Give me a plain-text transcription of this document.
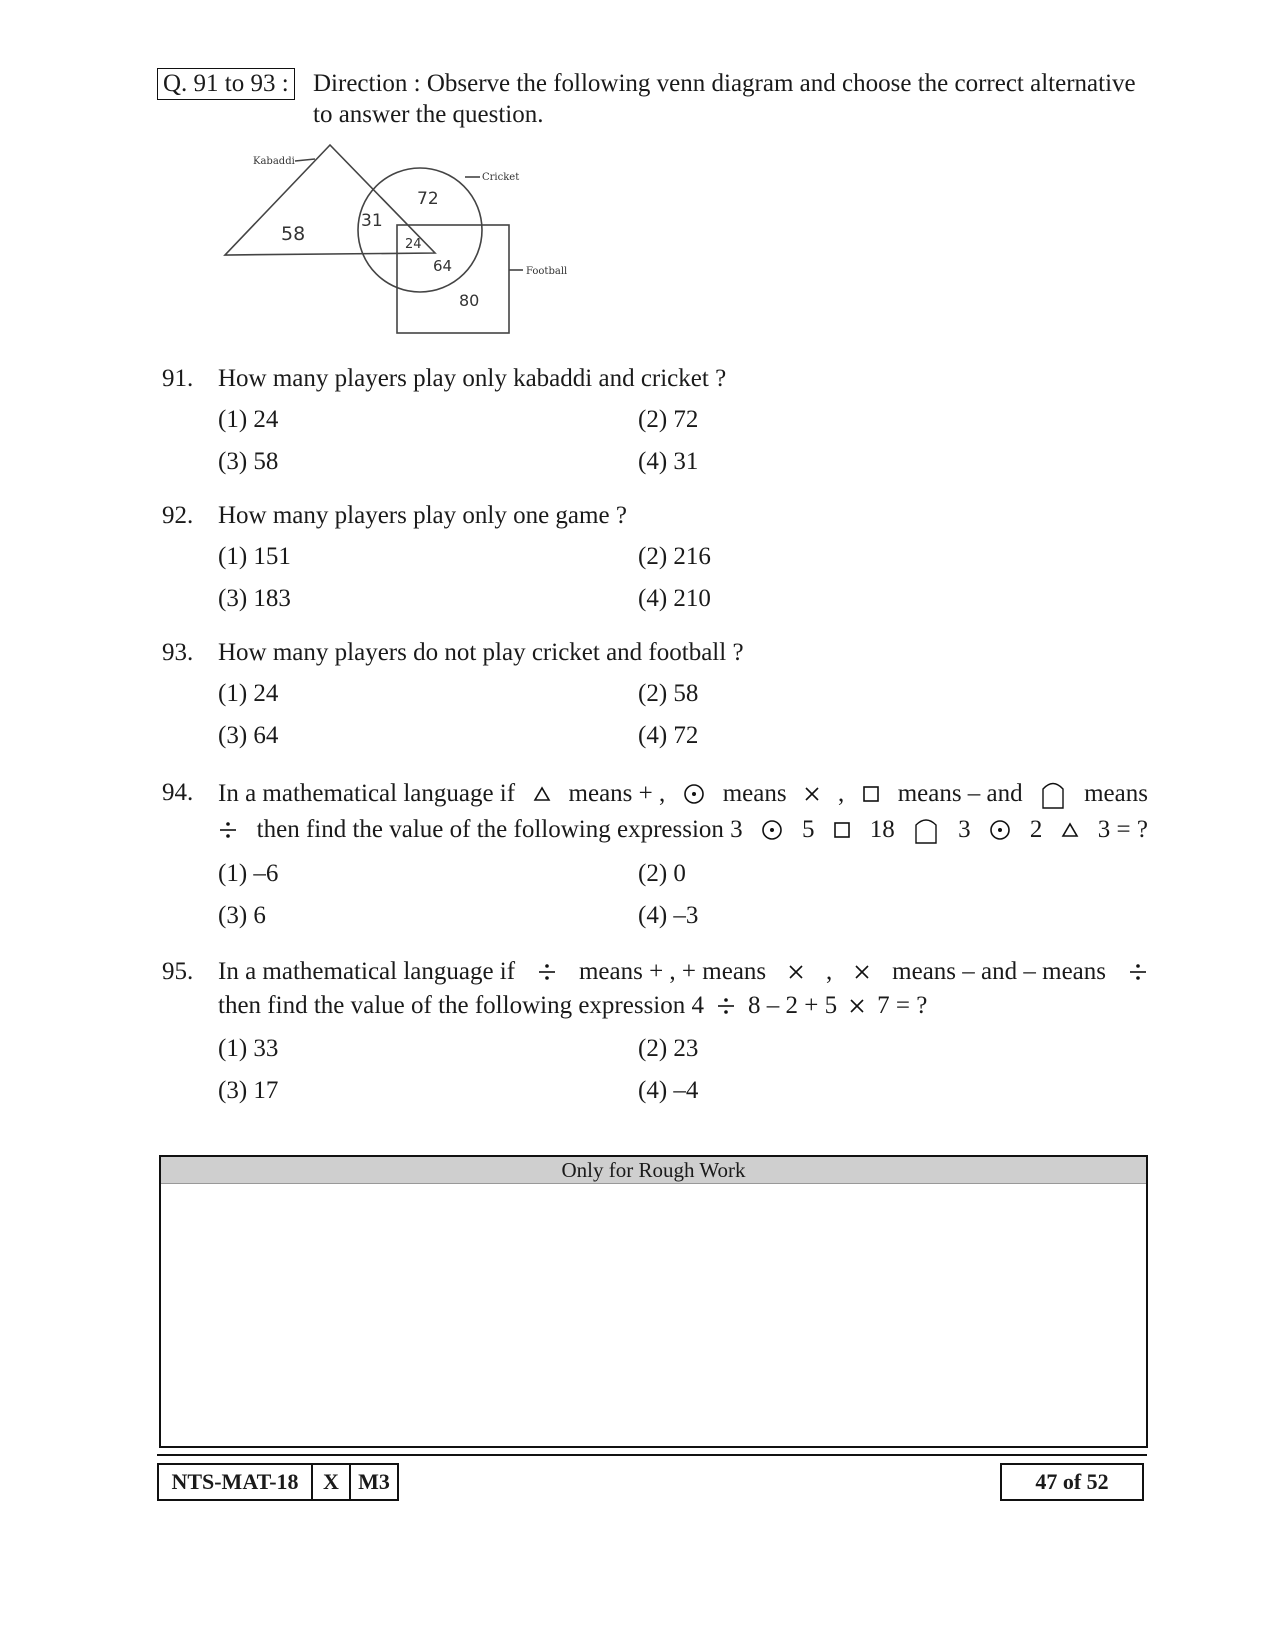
Q. 91 to 93 : Direction : Observe the following venn diagram and choose the correct alternative
to answer the question.
Kabaddi
Cricket
Football
58
31
72
24
64
80
91. How many players play only kabaddi and cricket ?
(1) 24	(2) 72
(3) 58	(4) 31
92. How many players play only one game ?
(1) 151	(2) 216
(3) 183	(4) 210
93. How many players do not play cricket and football ?
(1) 24	(2) 58
(3) 64	(4) 72
94. In a mathematical language if means + , means , means – and means
then find the value of the following expression 3 5 18	3 2 3 = ?
(1) –6	(2) 0
(3) 6	(4) –3
95. In a mathematical language if	means + , + means , means – and – means
then find the value of the following expression 4 8 – 2 + 5 7 = ?
(1) 33	(2) 23
(3) 17	(4) –4
Only for Rough Work
NTS-MAT-18	X M3	47 of 52
